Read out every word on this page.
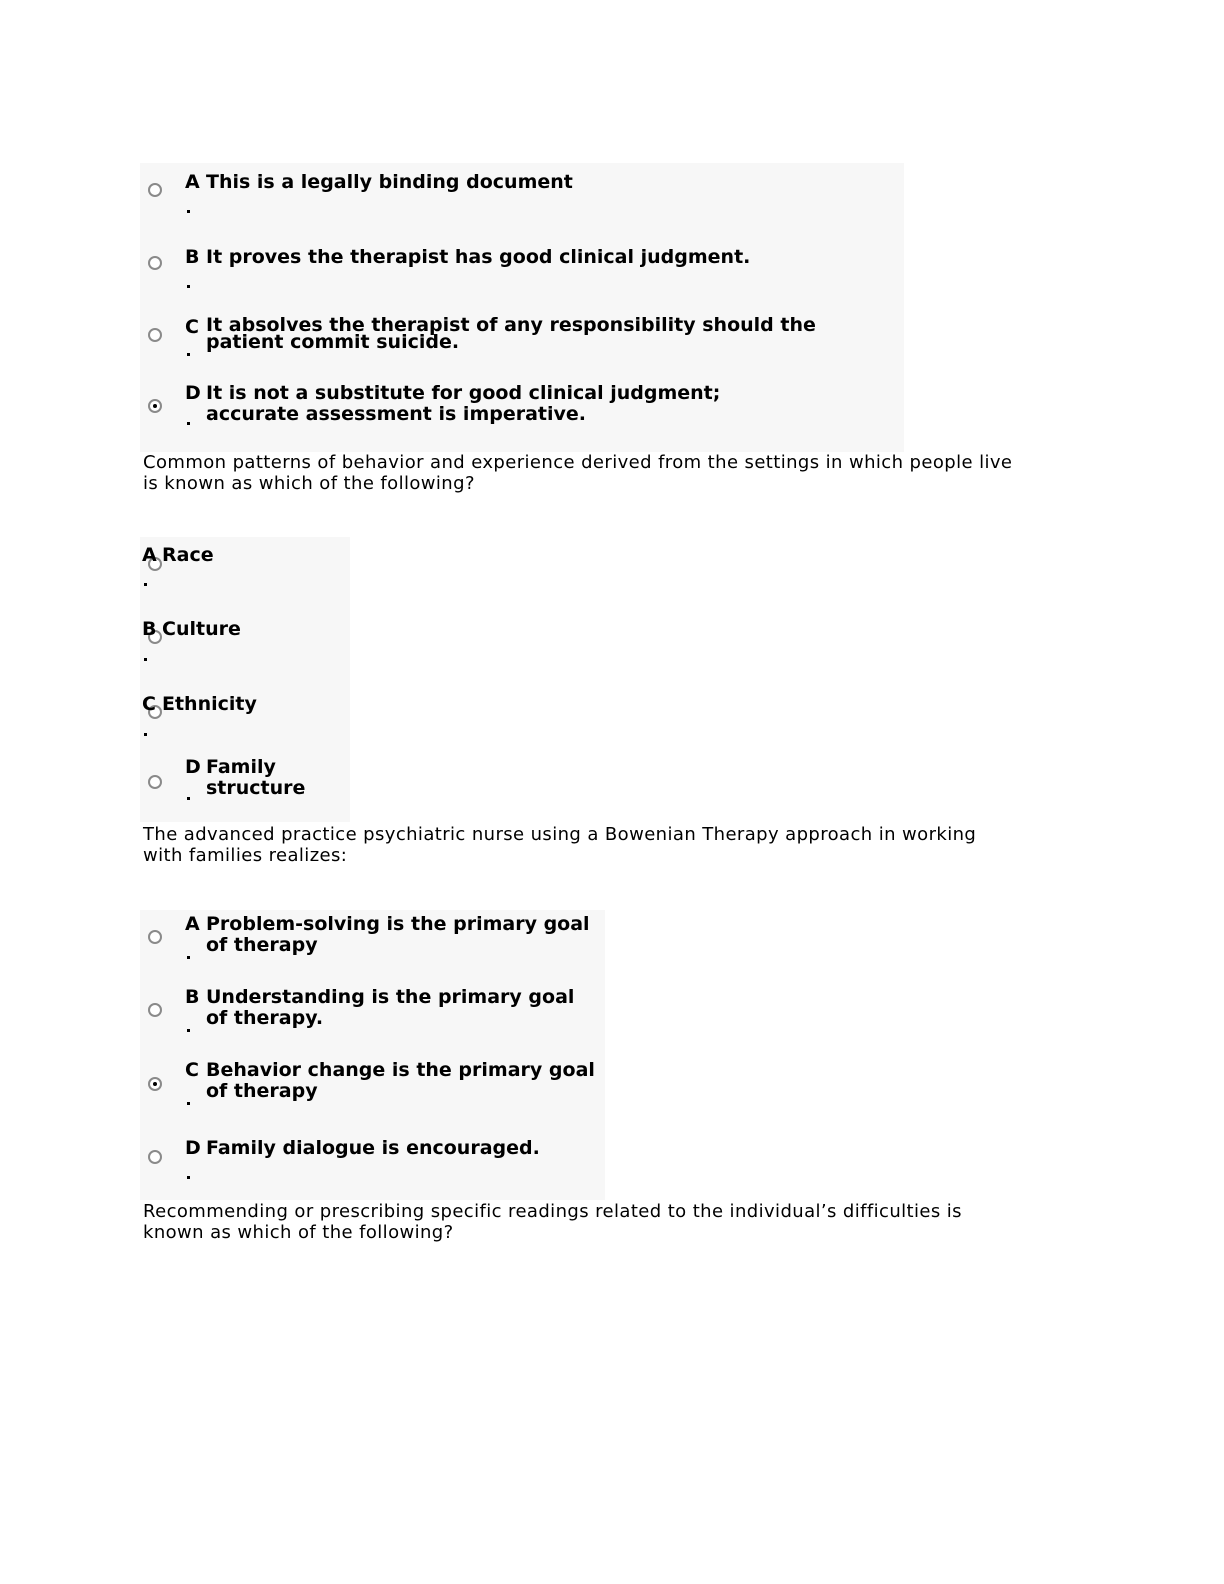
A This is a legally binding document
B It proves the therapist has good clinical judgment.
C It absolves the therapist of any responsibility should the patient commit suicide.
D It is not a substitute for good clinical judgment; accurate assessment is imperative.

Common patterns of behavior and experience derived from the settings in which people live
is known as which of the following?

A Race
B Culture
C Ethnicity
D Family structure

The advanced practice psychiatric nurse using a Bowenian Therapy approach in working
with families realizes:

A Problem-solving is the primary goal of therapy
B Understanding is the primary goal of therapy.
C Behavior change is the primary goal of therapy
D Family dialogue is encouraged.

Recommending or prescribing specific readings related to the individual’s difficulties is
known as which of the following?
